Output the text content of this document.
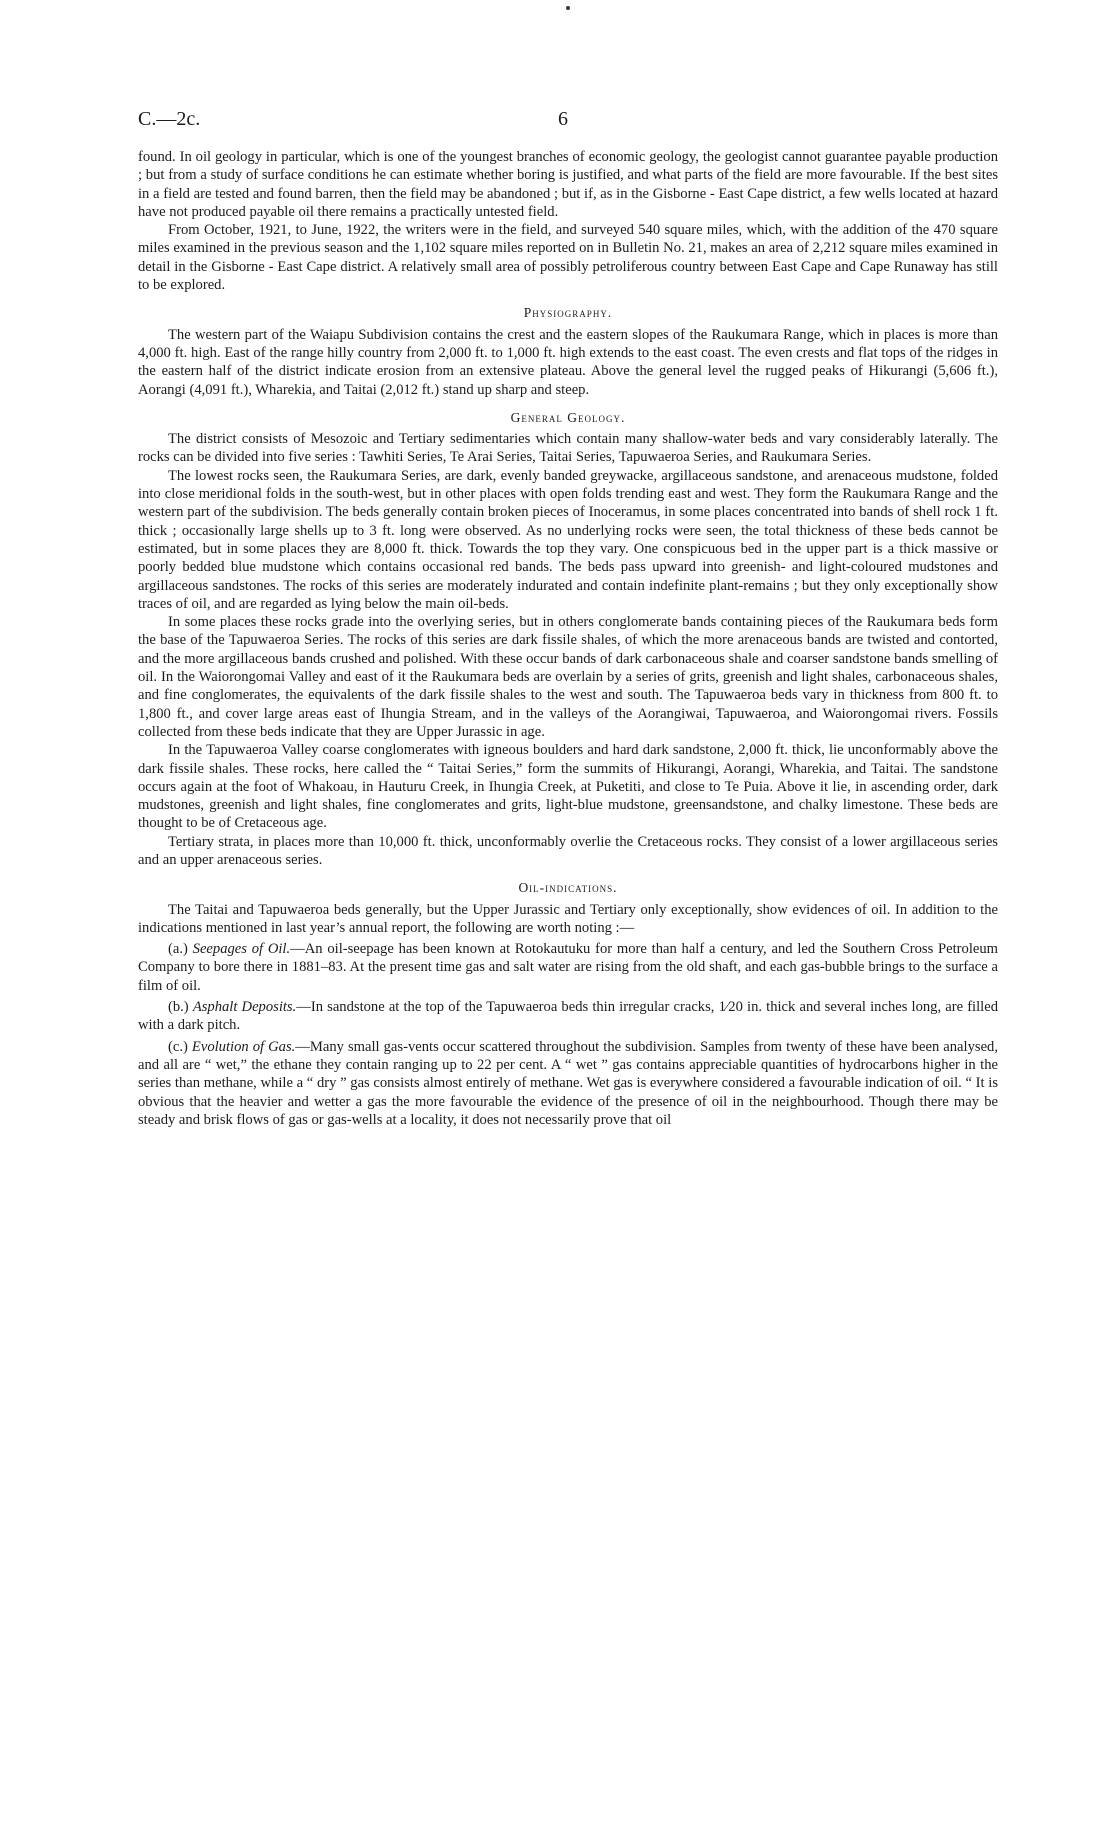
C.—2c.	6

found. In oil geology in particular, which is one of the youngest branches of economic geology, the geologist cannot guarantee payable production ; but from a study of surface conditions he can estimate whether boring is justified, and what parts of the field are more favourable. If the best sites in a field are tested and found barren, then the field may be abandoned ; but if, as in the Gisborne - East Cape district, a few wells located at hazard have not produced payable oil there remains a practically untested field.

From October, 1921, to June, 1922, the writers were in the field, and surveyed 540 square miles, which, with the addition of the 470 square miles examined in the previous season and the 1,102 square miles reported on in Bulletin No. 21, makes an area of 2,212 square miles examined in detail in the Gisborne - East Cape district. A relatively small area of possibly petroliferous country between East Cape and Cape Runaway has still to be explored.

Physiography.

The western part of the Waiapu Subdivision contains the crest and the eastern slopes of the Raukumara Range, which in places is more than 4,000 ft. high. East of the range hilly country from 2,000 ft. to 1,000 ft. high extends to the east coast. The even crests and flat tops of the ridges in the eastern half of the district indicate erosion from an extensive plateau. Above the general level the rugged peaks of Hikurangi (5,606 ft.), Aorangi (4,091 ft.), Wharekia, and Taitai (2,012 ft.) stand up sharp and steep.

General Geology.

The district consists of Mesozoic and Tertiary sedimentaries which contain many shallow-water beds and vary considerably laterally. The rocks can be divided into five series : Tawhiti Series, Te Arai Series, Taitai Series, Tapuwaeroa Series, and Raukumara Series.

The lowest rocks seen, the Raukumara Series, are dark, evenly banded greywacke, argillaceous sandstone, and arenaceous mudstone, folded into close meridional folds in the south-west, but in other places with open folds trending east and west. They form the Raukumara Range and the western part of the subdivision. The beds generally contain broken pieces of Inoceramus, in some places concentrated into bands of shell rock 1 ft. thick ; occasionally large shells up to 3 ft. long were observed. As no underlying rocks were seen, the total thickness of these beds cannot be estimated, but in some places they are 8,000 ft. thick. Towards the top they vary. One conspicuous bed in the upper part is a thick massive or poorly bedded blue mudstone which contains occasional red bands. The beds pass upward into greenish- and light-coloured mudstones and argillaceous sandstones. The rocks of this series are moderately indurated and contain indefinite plant-remains ; but they only exceptionally show traces of oil, and are regarded as lying below the main oil-beds.

In some places these rocks grade into the overlying series, but in others conglomerate bands containing pieces of the Raukumara beds form the base of the Tapuwaeroa Series. The rocks of this series are dark fissile shales, of which the more arenaceous bands are twisted and contorted, and the more argillaceous bands crushed and polished. With these occur bands of dark carbonaceous shale and coarser sandstone bands smelling of oil. In the Waiorongomai Valley and east of it the Raukumara beds are overlain by a series of grits, greenish and light shales, carbonaceous shales, and fine conglomerates, the equivalents of the dark fissile shales to the west and south. The Tapuwaeroa beds vary in thickness from 800 ft. to 1,800 ft., and cover large areas east of Ihungia Stream, and in the valleys of the Aorangiwai, Tapuwaeroa, and Waiorongomai rivers. Fossils collected from these beds indicate that they are Upper Jurassic in age.

In the Tapuwaeroa Valley coarse conglomerates with igneous boulders and hard dark sandstone, 2,000 ft. thick, lie unconformably above the dark fissile shales. These rocks, here called the “ Taitai Series,” form the summits of Hikurangi, Aorangi, Wharekia, and Taitai. The sandstone occurs again at the foot of Whakoau, in Hauturu Creek, in Ihungia Creek, at Puketiti, and close to Te Puia. Above it lie, in ascending order, dark mudstones, greenish and light shales, fine conglomerates and grits, light-blue mudstone, greensandstone, and chalky limestone. These beds are thought to be of Cretaceous age.

Tertiary strata, in places more than 10,000 ft. thick, unconformably overlie the Cretaceous rocks. They consist of a lower argillaceous series and an upper arenaceous series.

Oil-indications.

The Taitai and Tapuwaeroa beds generally, but the Upper Jurassic and Tertiary only exceptionally, show evidences of oil. In addition to the indications mentioned in last year’s annual report, the following are worth noting :—

(a.) Seepages of Oil.—An oil-seepage has been known at Rotokautuku for more than half a century, and led the Southern Cross Petroleum Company to bore there in 1881–83. At the present time gas and salt water are rising from the old shaft, and each gas-bubble brings to the surface a film of oil.

(b.) Asphalt Deposits.—In sandstone at the top of the Tapuwaeroa beds thin irregular cracks, 1⁄20 in. thick and several inches long, are filled with a dark pitch.

(c.) Evolution of Gas.—Many small gas-vents occur scattered throughout the subdivision. Samples from twenty of these have been analysed, and all are “ wet,” the ethane they contain ranging up to 22 per cent. A “ wet ” gas contains appreciable quantities of hydrocarbons higher in the series than methane, while a “ dry ” gas consists almost entirely of methane. Wet gas is everywhere considered a favourable indication of oil. “ It is obvious that the heavier and wetter a gas the more favourable the evidence of the presence of oil in the neighbourhood. Though there may be steady and brisk flows of gas or gas-wells at a locality, it does not necessarily prove that oil
